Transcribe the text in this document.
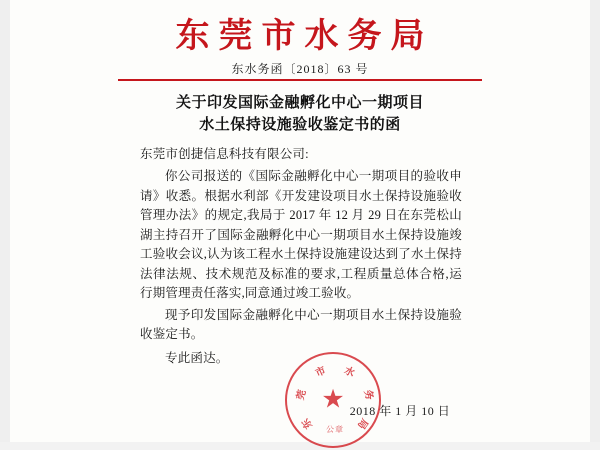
东莞市水务局
东水务函〔2018〕63 号
关于印发国际金融孵化中心一期项目
水土保持设施验收鉴定书的函
东莞市创捷信息科技有限公司:
你公司报送的《国际金融孵化中心一期项目的验收申请》收悉。根据水利部《开发建设项目水土保持设施验收管理办法》的规定,我局于 2017 年 12 月 29 日在东莞松山湖主持召开了国际金融孵化中心一期项目水土保持设施竣工验收会议,认为该工程水土保持设施建设达到了水土保持法律法规、技术规范及标准的要求,工程质量总体合格,运行期管理责任落实,同意通过竣工验收。
现予印发国际金融孵化中心一期项目水土保持设施验收鉴定书。
专此函达。
东
莞
市 水
务
局
★
公章
2018 年 1 月 10 日
